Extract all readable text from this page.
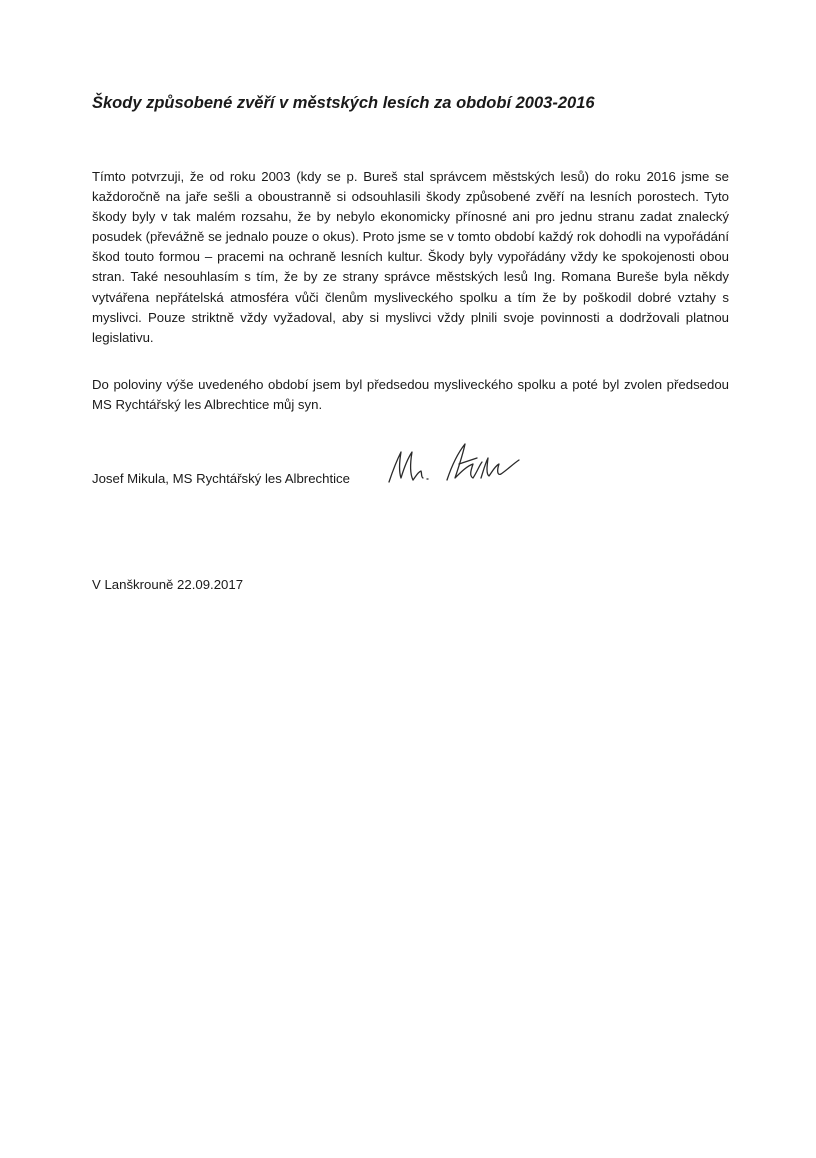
Škody způsobené zvěří v městských lesích za období 2003-2016

Tímto potvrzuji, že od roku 2003 (kdy se p. Bureš stal správcem městských lesů) do roku 2016 jsme se každoročně na jaře sešli a oboustranně si odsouhlasili škody způsobené zvěří na lesních porostech. Tyto škody byly v tak malém rozsahu, že by nebylo ekonomicky přínosné ani pro jednu stranu zadat znalecký posudek (převážně se jednalo pouze o okus). Proto jsme se v tomto období každý rok dohodli na vypořádání škod touto formou – pracemi na ochraně lesních kultur. Škody byly vypořádány vždy ke spokojenosti obou stran. Také nesouhlasím s tím, že by ze strany správce městských lesů Ing. Romana Bureše byla někdy vytvářena nepřátelská atmosféra vůči členům mysliveckého spolku a tím že by poškodil dobré vztahy s myslivci. Pouze striktně vždy vyžadoval, aby si myslivci vždy plnili svoje povinnosti a dodržovali platnou legislativu.

Do poloviny výše uvedeného období jsem byl předsedou mysliveckého spolku a poté byl zvolen předsedou MS Rychtářský les Albrechtice můj syn.

Josef Mikula, MS Rychtářský les Albrechtice
V Lanškrouně 22.09.2017
